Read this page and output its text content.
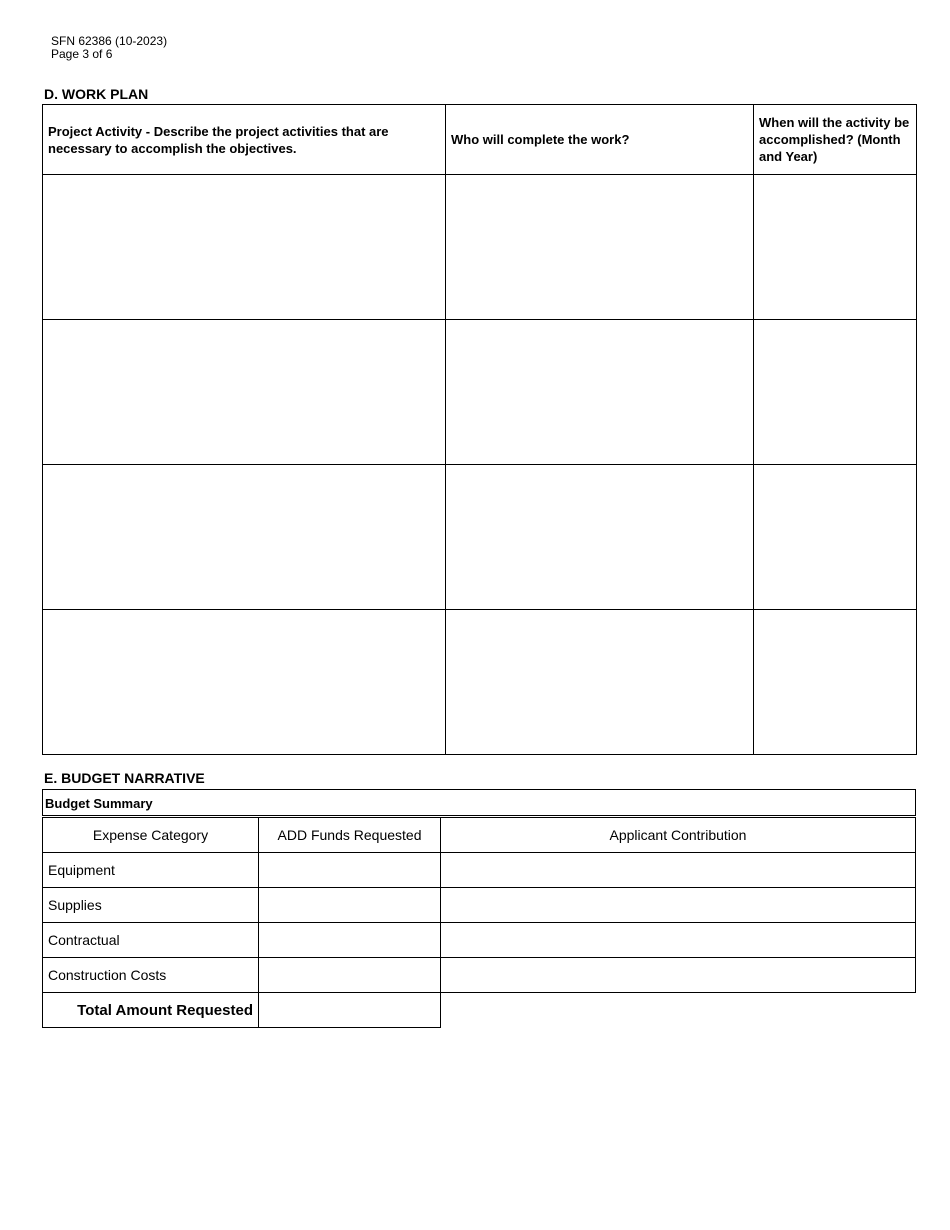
SFN 62386 (10-2023)
Page 3 of 6
D. WORK PLAN
Project Activity - Describe the project activities that are necessary to accomplish the objectives.	Who will complete the work?	When will the activity be accomplished? (Month and Year)

E. BUDGET NARRATIVE
Budget Summary
Expense Category	ADD Funds Requested	Applicant Contribution
Equipment		
Supplies		
Contractual		
Construction Costs		
Total Amount Requested		
